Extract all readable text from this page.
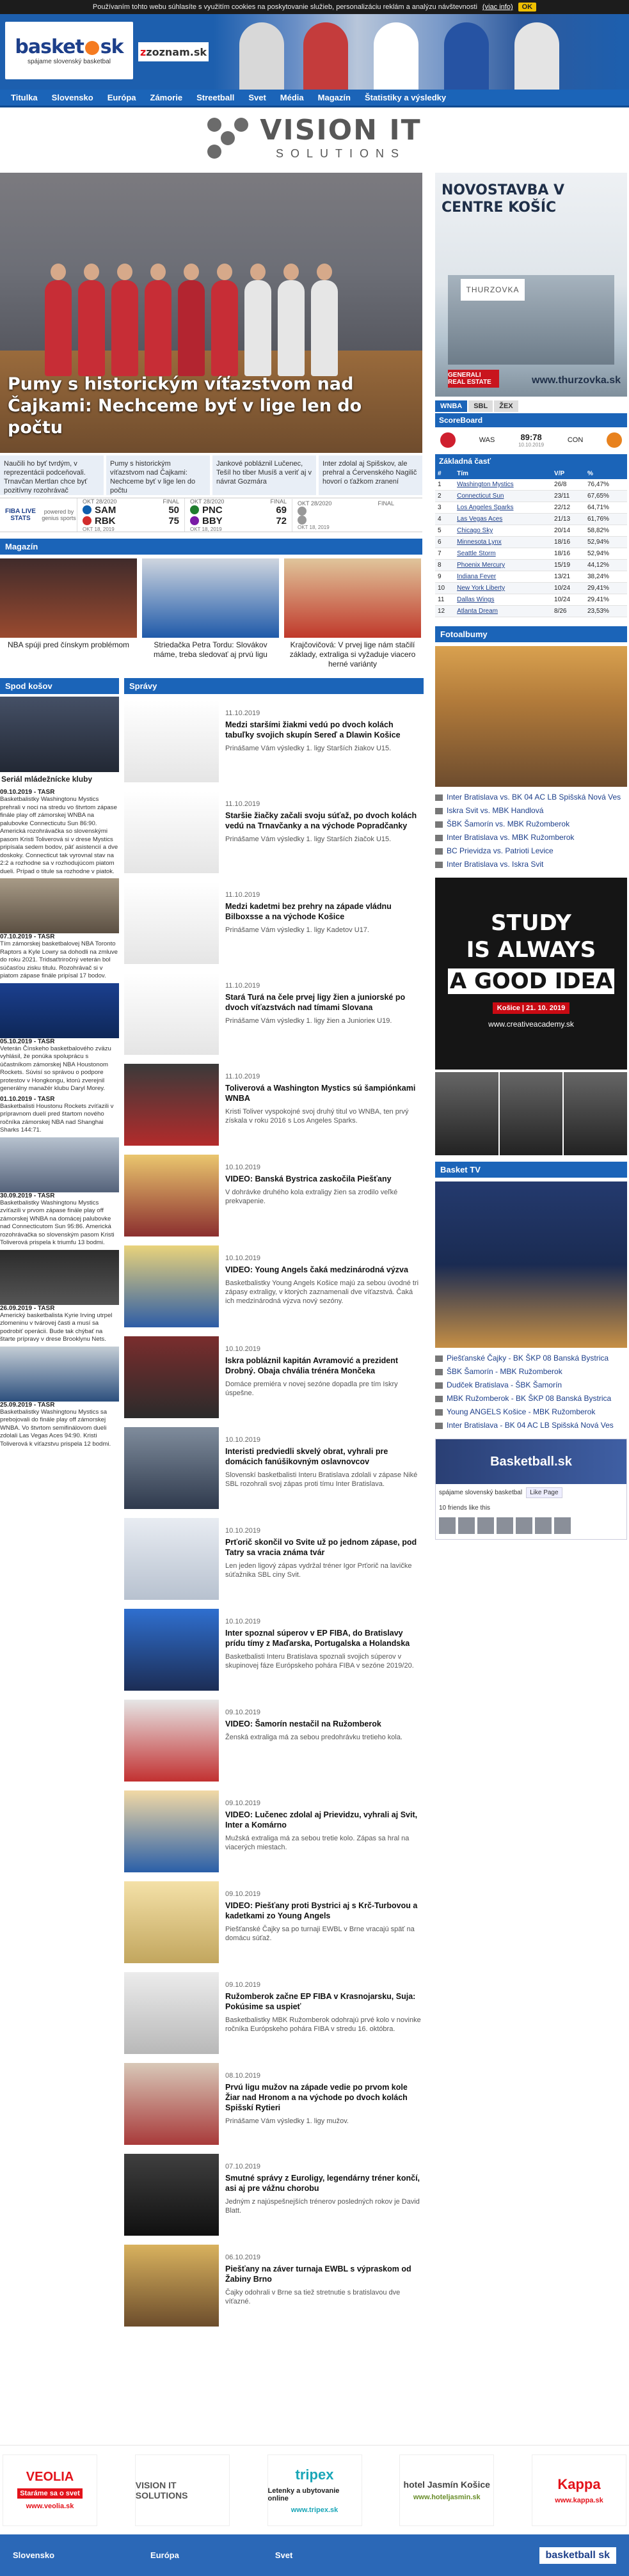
Používaním tohto webu súhlasíte s využitím cookies na poskytovanie služieb, personalizáciu reklám a analýzu návštevnosti (viac info)	OK
basket sk
spájame slovenský basketbal
z zoznam.sk
Titulka	Slovensko	Európa	Zámorie	Streetball	Svet	Média	Magazín	Štatistiky a výsledky
VISION IT
SOLUTIONS
Pumy s historickým víťazstvom nad Čajkami: Nechceme byť v lige len do počtu
Naučili ho byť tvrdým, v reprezentácii podceňovali. Trnavčan Mertlan chce byť pozitívny rozohrávač
Pumy s historickým víťazstvom nad Čajkami: Nechceme byť v lige len do počtu
Jankové pobláznil Lučenec, Tešíl ho tiber Musíš a veriť aj v návrat Gozmára
Inter zdolal aj Spišskov, ale prehral a Ćervenského Nagilič hovorí o ťažkom zranení
FIBA LIVE STATS
powered by genius sports
OKT 28/2020	FINAL
SAM	50
RBK	75
OKT 18, 2019
OKT 28/2020	FINAL
PNC	69
BBY	72
OKT 18, 2019
OKT 28/2020	FINAL
OKT 18, 2019
Magazín
NBA spúji pred čínskym problémom	Striedačka Petra Tordu: Slovákov máme, treba sledovať aj prvú ligu
Krajčovičová: V prvej lige nám stačilí základy, extraliga si vyžaduje viacero herné variánty
Spod košov
Seriál mládežnícke kluby
09.10.2019 - TASR
Basketbalistky Washingtonu Mystics prehrali v noci na stredu vo štvrtom zápase finále play off zámorskej WNBA na palubovke Connecticutu Sun 86:90. Americká rozohrávačka so slovenskými pasom Kristi Toliverová si v dresе Mystics pripísala sedem bodov, päť asistencií a dve doskoky. Connecticut tak vyrovnal stav na 2:2 a rozhodne sa v rozhodujúcom piatom dueli. Prípad o titule sa rozhodne v piatok.
07.10.2019 - TASR
Tím zámorskej basketbalovej NBA Toronto Raptors a Kyle Lowry sa dohodli na zmluve do roku 2021. Tridsaťtriročný veterán bol súčasťou zisku titulu. Rozohrávač si v piatom zápase finále pripísal 17 bodov.
05.10.2019 - TASR
Veterán Čínskeho basketbalového zväzu vyhlásil, že ponúka spoluprácu s účastníkom zámorskej NBA Houstonom Rockets. Súvisí so správou o podpore protestov v Hongkongu, ktorú zverejnil generálny manažér klubu Daryl Morey.
01.10.2019 - TASR
Basketbalisti Houstonu Rockets zvíťazili v prípravnom duelí pred štartom nového ročníka zámorskej NBA nad Shanghai Sharks 144:71.
30.09.2019 - TASR
Basketbalistky Washingtonu Mystics zvíťazili v prvom zápase finále play off zámorskej WNBA na domácej palubovke nad Connecticutom Sun 95:86. Americká rozohrávačka so slovenským pasom Kristi Toliverová prispela k triumfu 13 bodmi.
26.09.2019 - TASR
Americký basketbalista Kyrie Irving utrpel zlomeninu v tvárovej časti a musí sa podrobiť operácii. Bude tak chýbať na štarte prípravy v drese Brooklynu Nets.
25.09.2019 - TASR
Basketbalistky Washingtonu Mystics sa prebojovali do finále play off zámorskej WNBA. Vo štvrtom semifinálovom dueli zdolali Las Vegas Aces 94:90. Kristi Toliverová k víťazstvu prispela 12 bodmi.
Správy
11.10.2019
Medzi staršími žiakmi vedú po dvoch kolách tabuľky svojich skupín Sereď a Dlawin Košice
Prinášame Vám výsledky 1. ligy Starších žiakov U15.
11.10.2019
Staršie žiačky začali svoju súťaž, po dvoch kolách vedú na Trnavčanky a na východe Popradčanky
Prinášame Vám výsledky 1. ligy Starších žiačok U15.
11.10.2019
Medzi kadetmi bez prehry na západe vládnu Bilboxsse a na východe Košice
Prinášame Vám výsledky 1. ligy Kadetov U17.
11.10.2019
Stará Turá na čele prvej ligy žien a juniorské po dvoch víťazstvách nad tímami Slovana
Prinášame Vám výsledky 1. ligy žien a Juniorieк U19.
11.10.2019
Toliverová a Washington Mystics sú šampiónkami WNBA
Kristi Toliver vyspokojné svoj druhý titul vo WNBA, ten prvý získala v roku 2016 s Los Angeles Sparks.
10.10.2019
VIDEO: Banská Bystrica zaskočila Piešťany
V dohrávke druhého kola extraligy žien sa zrodilo veľké prekvapenie.
10.10.2019
VIDEO: Young Angels čaká medzinárodná výzva
Basketbalistky Young Angels Košice majú za sebou úvodné tri zápasy extraligy, v ktorých zaznamenali dve víťazstvá. Čaká ich medzinárodná výzva nový sezóny.
10.10.2019
Iskra pobláznil kapitán Avramović a prezident Drobný. Obaja chvália trénéra Mončeka
Domáce premiéra v novej sezóne dopadla pre tím Iskry úspešne.
10.10.2019
Interisti predviedli skvelý obrat, vyhrali pre domácich fanúšikovným oslavnovcov
Slovenskí basketbalisti Interu Bratislava zdolali v zápase Niké SBL rozohrali svoj zápas proti tímu Inter Bratislava.
10.10.2019
Prťorič skončil vo Svite už po jednom zápase, pod Tatry sa vracia známa tvár
Len jeden ligový zápas vydržal tréner Igor Prťorič na lavičke súťažnika SBL ciny Svit.
10.10.2019
Inter spoznal súperov v EP FIBA, do Bratislavy prídu tímy z Maďarska, Portugalska a Holandska
Basketbalisti Interu Bratislava spoznali svojich súperov v skupinovej fáze Európskeho pohára FIBA v sezóne 2019/20.
09.10.2019
VIDEO: Šamorín nestačil na Ružomberok
Ženská extraliga má za sebou predohrávku tretieho kola.
09.10.2019
VIDEO: Lučenec zdolal aj Prievidzu, vyhrali aj Svit, Inter a Komárno
Mužská extraliga má za sebou tretie kolo. Zápas sa hral na viacerých miestach.
09.10.2019
VIDEO: Piešťany proti Bystrici aj s Krč-Turbovou a kadetkami zo Young Angels
Piešťanské Čajky sa po turnaji EWBL v Brne vracajú späť na domácu súťaž.
09.10.2019
Ružomberok začne EP FIBA v Krasnojarsku, Suja: Pokúsime sa uspieť
Basketbalistky MBK Ružomberok odohrajú prvé kolo v novinke ročníka Európskeho pohára FIBA v stredu 16. októbra.
08.10.2019
Prvú ligu mužov na západe vedie po prvom kole Žiar nad Hronom a na východe po dvoch kolách Spišskí Rytieri
Prinášame Vám výsledky 1. ligy mužov.
07.10.2019
Smutné správy z Euroligy, legendárny tréner končí, asi aj pre vážnu chorobu
Jedným z najúspešnejších trénerov posledných rokov je David Blatt.
06.10.2019
Piešťany na záver turnaja EWBL s výpraskom od Žabiny Brno
Čajky odohrali v Brne sa tiež stretnutie s bratislavou dve víťazné.
NOVOSTAVBA V CENTRE KOŠÍC
THURZOVKA
GENERALI REAL ESTATE	www.thurzovka.sk
WNBA	SBL	ŽEX
ScoreBoard
WAS	89:78
10.10.2019
CON
Základná časť
#	Tím	V/P	%
1	Washington Mystics	26/8	76,47%
2	Connecticut Sun	23/11	67,65%
3	Los Angeles Sparks	22/12	64,71%
4	Las Vegas Aces	21/13	61,76%
5	Chicago Sky	20/14	58,82%
6	Minnesota Lynx	18/16	52,94%
7	Seattle Storm	18/16	52,94%
8	Phoenix Mercury	15/19	44,12%
9	Indiana Fever	13/21	38,24%
10	New York Liberty	10/24	29,41%
11	Dallas Wings	10/24	29,41%
12	Atlanta Dream	8/26	23,53%
Fotoalbumy
Inter Bratislava vs. BK 04 AC LB Spišská Nová Ves
Iskra Svit vs. MBK Handlová
ŠBK Šamorín vs. MBK Ružomberok
Inter Bratislava vs. MBK Ružomberok
BC Prievidza vs. Patrioti Levice
Inter Bratislava vs. Iskra Svit
STUDY
IS ALWAYS
A GOOD IDEA
Košice | 21. 10. 2019
www.creativeacademy.sk
Basket TV
Piešťanské Čajky - BK ŠKP 08 Banská Bystrica
ŠBK Šamorín - MBK Ružomberok
Dudček Bratislava - ŠBK Šamorín
MBK Ružomberok - BK ŠKP 08 Banská Bystrica
Young ANGELS Košice - MBK Ružomberok
Inter Bratislava - BK 04 AC LB Spišská Nová Ves
Basketball.sk
spájame slovenský basketbal	Like Page
10 friends like this
VEOLIA
Staráme sa o svet
www.veolia.sk
VISION IT SOLUTIONS
tripex
Letenky a ubytovanie online
www.tripex.sk
hotel Jasmín Košice
www.hoteljasmin.sk
Kappa
www.kappa.sk
Slovensko	Európa	Svet	basketball sk
